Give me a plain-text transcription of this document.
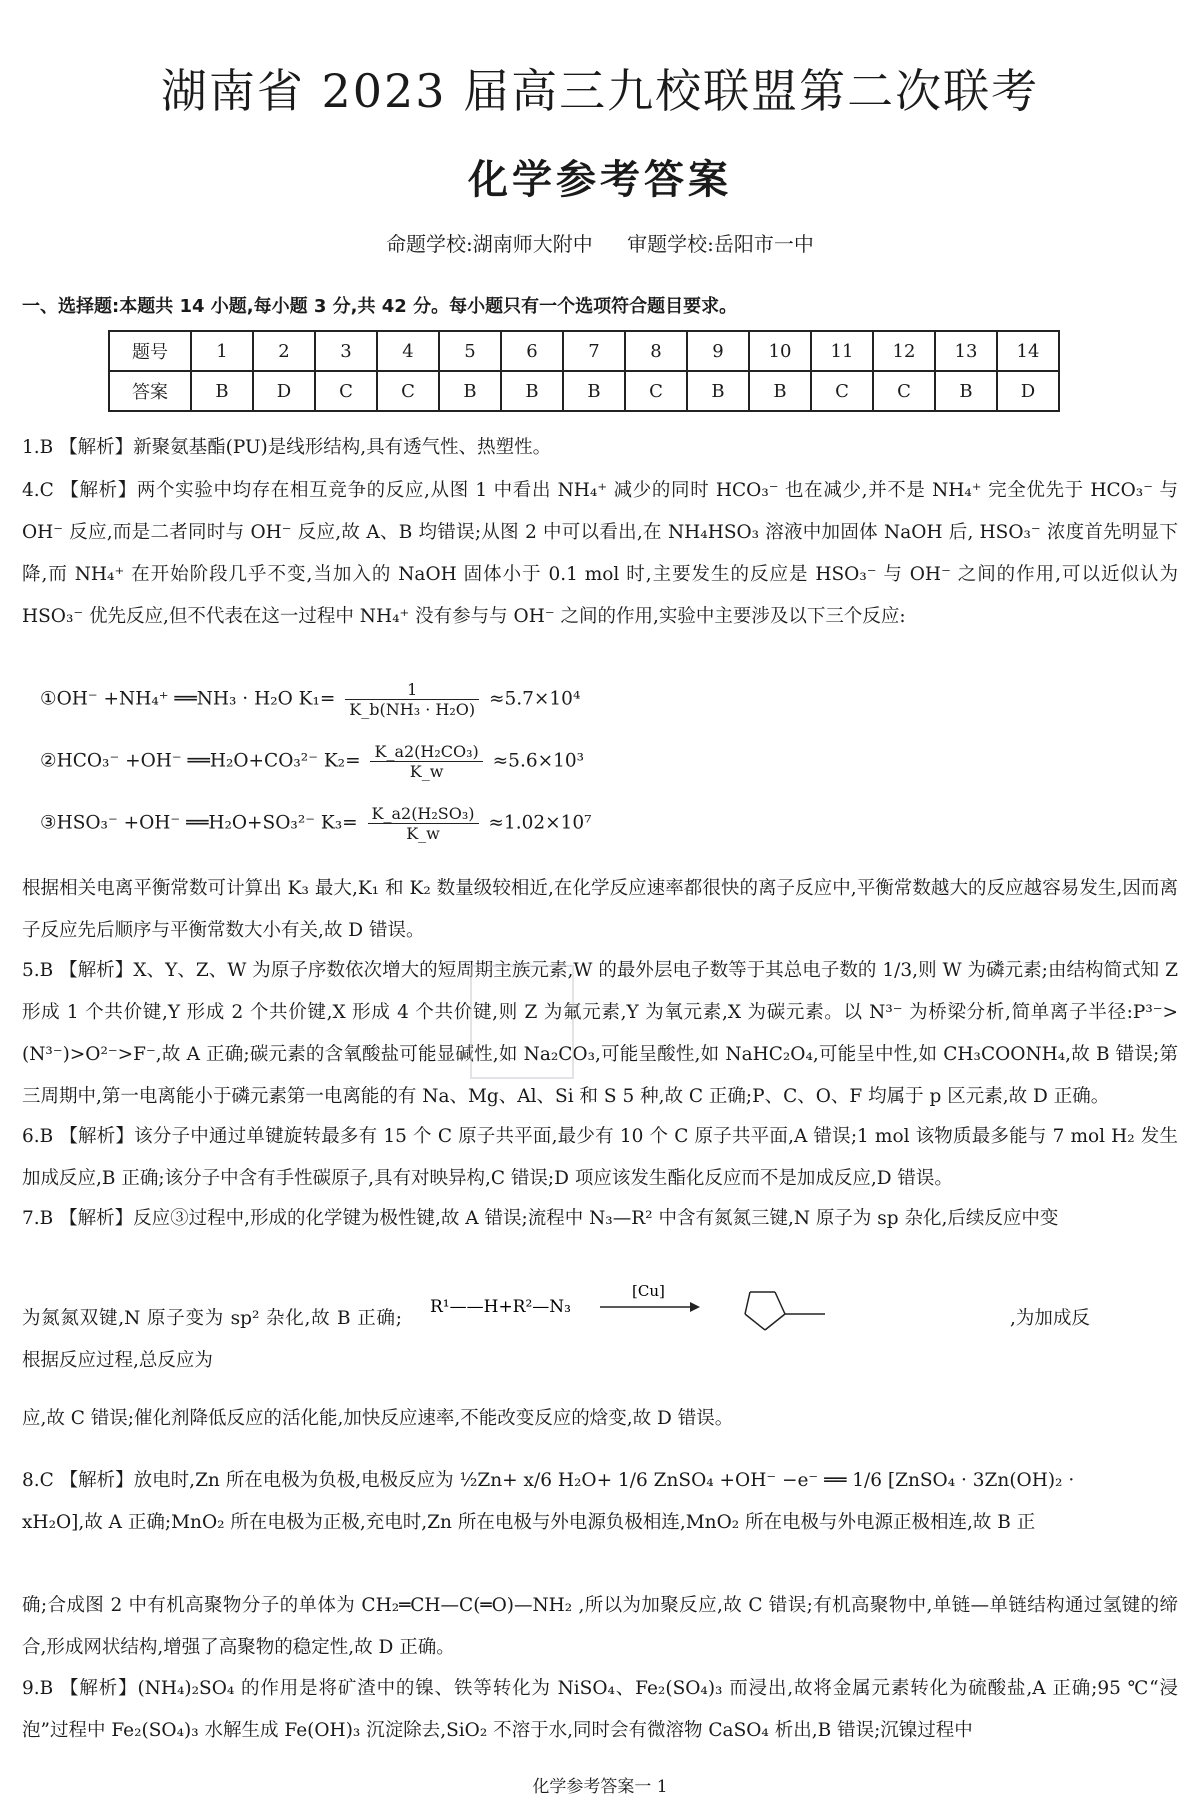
湖南省 2023 届高三九校联盟第二次联考
化学参考答案
命题学校:湖南师大附中 审题学校:岳阳市一中
一、选择题:本题共 14 小题,每小题 3 分,共 42 分。每小题只有一个选项符合题目要求。
题号	1	2	3	4	5	6	7	8	9	10	11	12	13	14
答案	B	D	C	C	B	B	B	C	B	B	C	C	B	D
1.B 【解析】新聚氨基酯(PU)是线形结构,具有透气性、热塑性。
4.C 【解析】两个实验中均存在相互竞争的反应,从图 1 中看出 NH₄⁺ 减少的同时 HCO₃⁻ 也在减少,并不是 NH₄⁺ 完全优先于 HCO₃⁻ 与 OH⁻ 反应,而是二者同时与 OH⁻ 反应,故 A、B 均错误;从图 2 中可以看出,在 NH₄HSO₃ 溶液中加固体 NaOH 后, HSO₃⁻ 浓度首先明显下降,而 NH₄⁺ 在开始阶段几乎不变,当加入的 NaOH 固体小于 0.1 mol 时,主要发生的反应是 HSO₃⁻ 与 OH⁻ 之间的作用,可以近似认为 HSO₃⁻ 优先反应,但不代表在这一过程中 NH₄⁺ 没有参与与 OH⁻ 之间的作用,实验中主要涉及以下三个反应:
①OH⁻ +NH₄⁺ ══NH₃ · H₂O $K_1= \frac{1}{\text{K\_b(NH₃ · H₂O)}} \approx 5.7\times 10^4$
②HCO₃⁻ +OH⁻ ══H₂O+CO₃²⁻ $K_2= \frac{\text{K\_a2(H₂CO₃)}}{K\_w} \approx 5.6\times 10^3$
③HSO₃⁻ +OH⁻ ══H₂O+SO₃²⁻ $K_3= \frac{\text{K\_a2(H₂SO₃)}}{K\_w} \approx 1.02\times 10^7$
根据相关电离平衡常数可计算出 K₃ 最大,K₁ 和 K₂ 数量级较相近,在化学反应速率都很快的离子反应中,平衡常数越大的反应越容易发生,因而离子反应先后顺序与平衡常数大小有关,故 D 错误。
5.B 【解析】X、Y、Z、W 为原子序数依次增大的短周期主族元素,W 的最外层电子数等于其总电子数的 1/3,则 W 为磷元素;由结构简式知 Z 形成 1 个共价键,Y 形成 2 个共价键,X 形成 4 个共价键,则 Z 为氟元素,Y 为氧元素,X 为碳元素。以 N³⁻ 为桥梁分析,简单离子半径:P³⁻>(N³⁻)>O²⁻>F⁻,故 A 正确;碳元素的含氧酸盐可能显碱性,如 Na₂CO₃,可能呈酸性,如 NaHC₂O₄,可能呈中性,如 CH₃COONH₄,故 B 错误;第三周期中,第一电离能小于磷元素第一电离能的有 Na、Mg、Al、Si 和 S 5 种,故 C 正确;P、C、O、F 均属于 p 区元素,故 D 正确。
6.B 【解析】该分子中通过单键旋转最多有 15 个 C 原子共平面,最少有 10 个 C 原子共平面,A 错误;1 mol 该物质最多能与 7 mol H₂ 发生加成反应,B 正确;该分子中含有手性碳原子,具有对映异构,C 错误;D 项应该发生酯化反应而不是加成反应,D 错误。
7.B 【解析】反应③过程中,形成的化学键为极性键,故 A 错误;流程中 N₃—R² 中含有氮氮三键,N 原子为 sp 杂化,后续反应中变
为氮氮双键,N 原子变为 sp² 杂化,故 B 正确;根据反应过程,总反应为
R¹——H+R²—N₃
[Cu]
,为加成反
应,故 C 错误;催化剂降低反应的活化能,加快反应速率,不能改变反应的焓变,故 D 错误。
8.C 【解析】放电时,Zn 所在电极为负极,电极反应为 ½Zn+ x/6 H₂O+ 1/6 ZnSO₄ +OH⁻ −e⁻ ══ 1/6 [ZnSO₄ · 3Zn(OH)₂ ·
xH₂O],故 A 正确;MnO₂ 所在电极为正极,充电时,Zn 所在电极与外电源负极相连,MnO₂ 所在电极与外电源正极相连,故 B 正
确;合成图 2 中有机高聚物分子的单体为 CH₂═CH—C(═O)—NH₂ ,所以为加聚反应,故 C 错误;有机高聚物中,单链—单链结构通过氢键的缔合,形成网状结构,增强了高聚物的稳定性,故 D 正确。
9.B 【解析】(NH₄)₂SO₄ 的作用是将矿渣中的镍、铁等转化为 NiSO₄、Fe₂(SO₄)₃ 而浸出,故将金属元素转化为硫酸盐,A 正确;95 ℃“浸泡”过程中 Fe₂(SO₄)₃ 水解生成 Fe(OH)₃ 沉淀除去,SiO₂ 不溶于水,同时会有微溶物 CaSO₄ 析出,B 错误;沉镍过程中
化学参考答案一 1
